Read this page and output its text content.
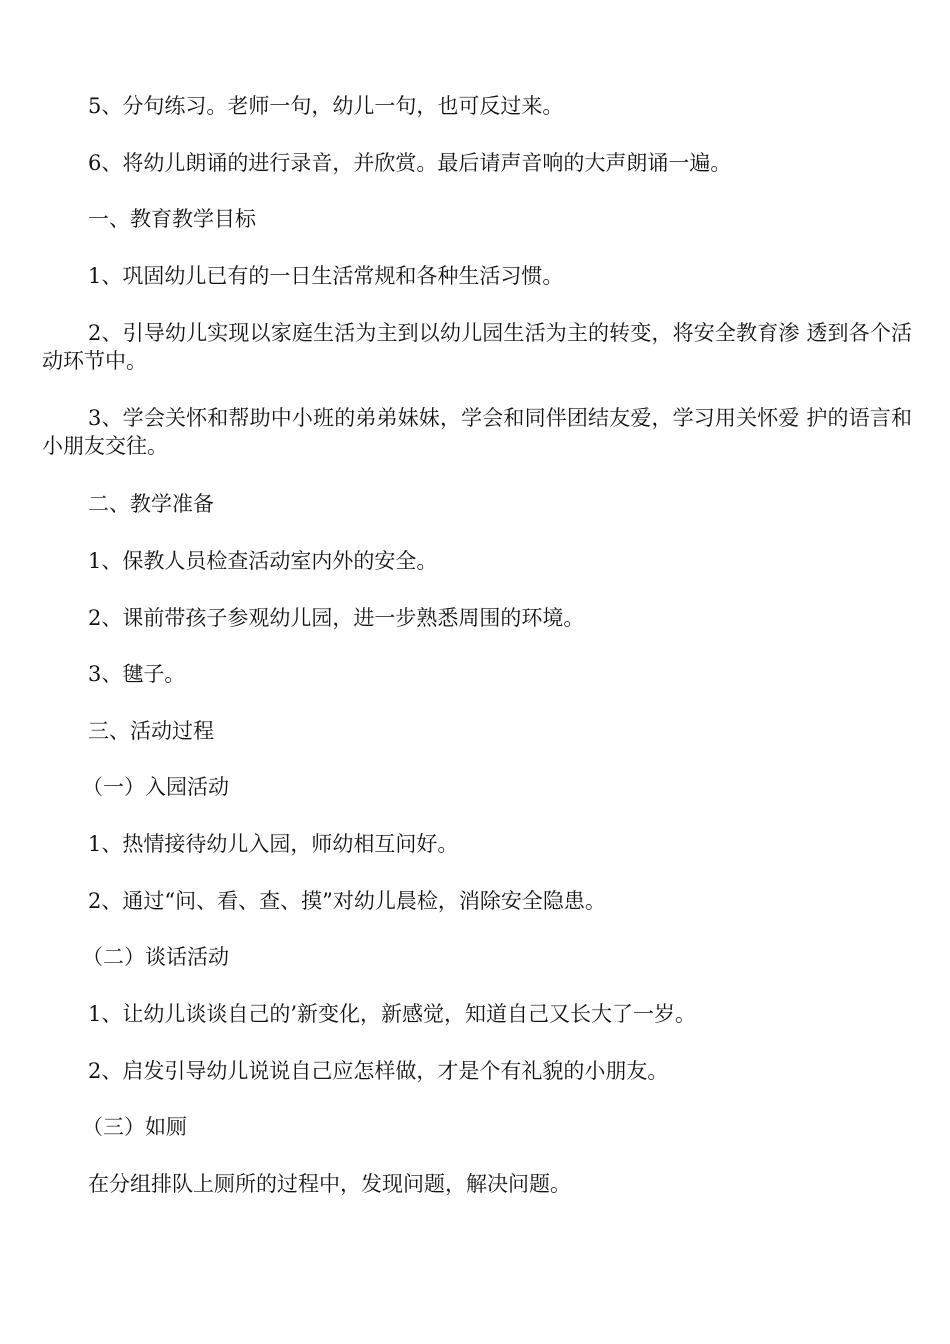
5、分句练习。老师一句，幼儿一句，也可反过来。

6、将幼儿朗诵的进行录音，并欣赏。最后请声音响的大声朗诵一遍。

一、教育教学目标

1、巩固幼儿已有的一日生活常规和各种生活习惯。

2、引导幼儿实现以家庭生活为主到以幼儿园生活为主的转变，将安全教育渗 透到各个活动环节中。

3、学会关怀和帮助中小班的弟弟妹妹，学会和同伴团结友爱，学习用关怀爱 护的语言和小朋友交往。

二、教学准备

1、保教人员检查活动室内外的安全。

2、课前带孩子参观幼儿园，进一步熟悉周围的环境。

3、毽子。

三、活动过程

（一）入园活动

1、热情接待幼儿入园，师幼相互问好。

2、通过“问、看、查、摸”对幼儿晨检，消除安全隐患。

（二）谈话活动

1、让幼儿谈谈自己的’新变化，新感觉，知道自己又长大了一岁。

2、启发引导幼儿说说自己应怎样做，才是个有礼貌的小朋友。

（三）如厕

在分组排队上厕所的过程中，发现问题，解决问题。
